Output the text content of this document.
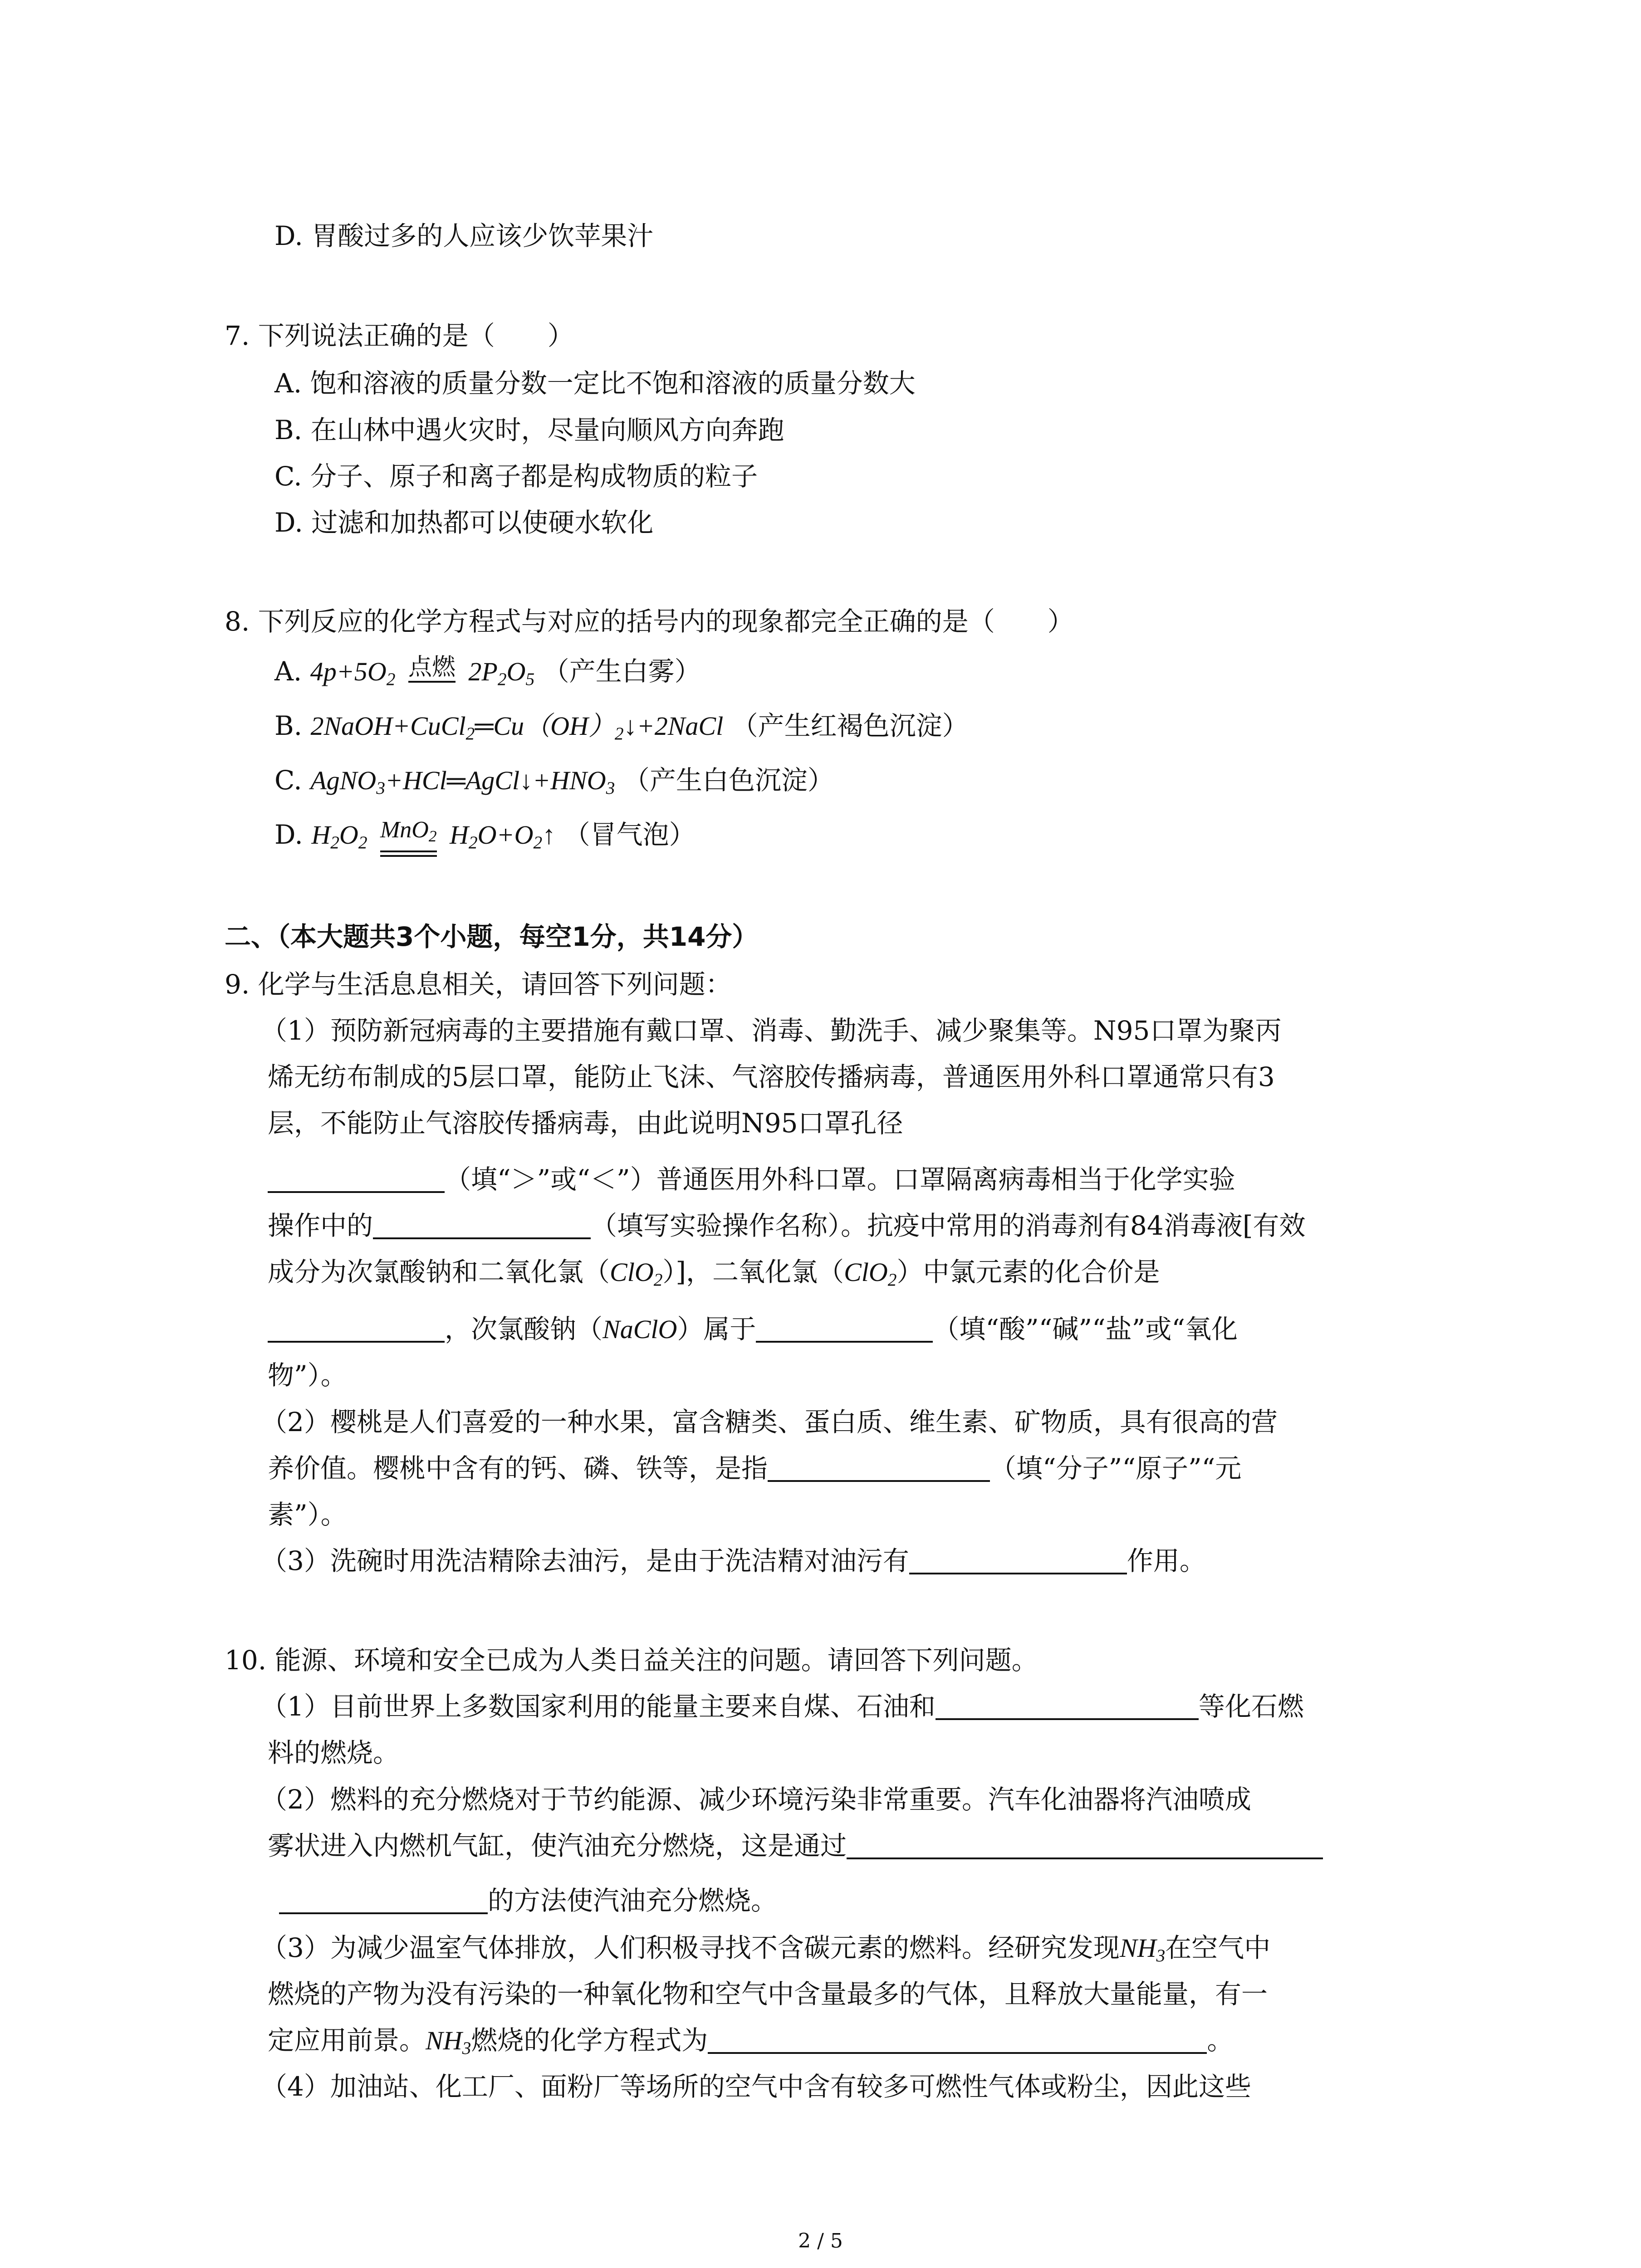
D. 胃酸过多的人应该少饮苹果汁
7. 下列说法正确的是（　　）
A. 饱和溶液的质量分数一定比不饱和溶液的质量分数大
B. 在山林中遇火灾时，尽量向顺风方向奔跑
C. 分子、原子和离子都是构成物质的粒子
D. 过滤和加热都可以使硬水软化
8. 下列反应的化学方程式与对应的括号内的现象都完全正确的是（　　）
A. $4p+5O_2$ 点燃 $2P_2O_5$ （产生白雾）
B. $2NaOH+CuCl_2═Cu(OH)_2↓+2NaCl$ （产生红褐色沉淀）
C. $AgNO_3+HCl═AgCl↓+HNO_3$ （产生白色沉淀）
D. $H_2O_2$ MnO$_2$ $H_2O+O_2↑$ （冒气泡）
二、（本大题共3个小题，每空1分，共14分）
9. 化学与生活息息相关，请回答下列问题：
（1）预防新冠病毒的主要措施有戴口罩、消毒、勤洗手、减少聚集等。N95口罩为聚丙
烯无纺布制成的5层口罩，能防止飞沫、气溶胶传播病毒，普通医用外科口罩通常只有3
层，不能防止气溶胶传播病毒，由此说明N95口罩孔径
（填“＞”或“＜”）普通医用外科口罩。口罩隔离病毒相当于化学实验
操作中的	（填写实验操作名称）。抗疫中常用的消毒剂有84消毒液[有效
成分为次氯酸钠和二氧化氯（ClO$_2$）]，二氧化氯（ClO$_2$）中氯元素的化合价是
，次氯酸钠（NaClO）属于	（填“酸”“碱”“盐”或“氧化
物”）。
（2）樱桃是人们喜爱的一种水果，富含糖类、蛋白质、维生素、矿物质，具有很高的营
养价值。樱桃中含有的钙、磷、铁等，是指	（填“分子”“原子”“元
素”）。
（3）洗碗时用洗洁精除去油污，是由于洗洁精对油污有	作用。
10. 能源、环境和安全已成为人类日益关注的问题。请回答下列问题。
（1）目前世界上多数国家利用的能量主要来自煤、石油和	等化石燃
料的燃烧。
（2）燃料的充分燃烧对于节约能源、减少环境污染非常重要。汽车化油器将汽油喷成
雾状进入内燃机气缸，使汽油充分燃烧，这是通过
的方法使汽油充分燃烧。
（3）为减少温室气体排放，人们积极寻找不含碳元素的燃料。经研究发现$NH_3$在空气中
燃烧的产物为没有污染的一种氧化物和空气中含量最多的气体，且释放大量能量，有一
定应用前景。$NH_3$燃烧的化学方程式为	。
（4）加油站、化工厂、面粉厂等场所的空气中含有较多可燃性气体或粉尘，因此这些
2 / 5
